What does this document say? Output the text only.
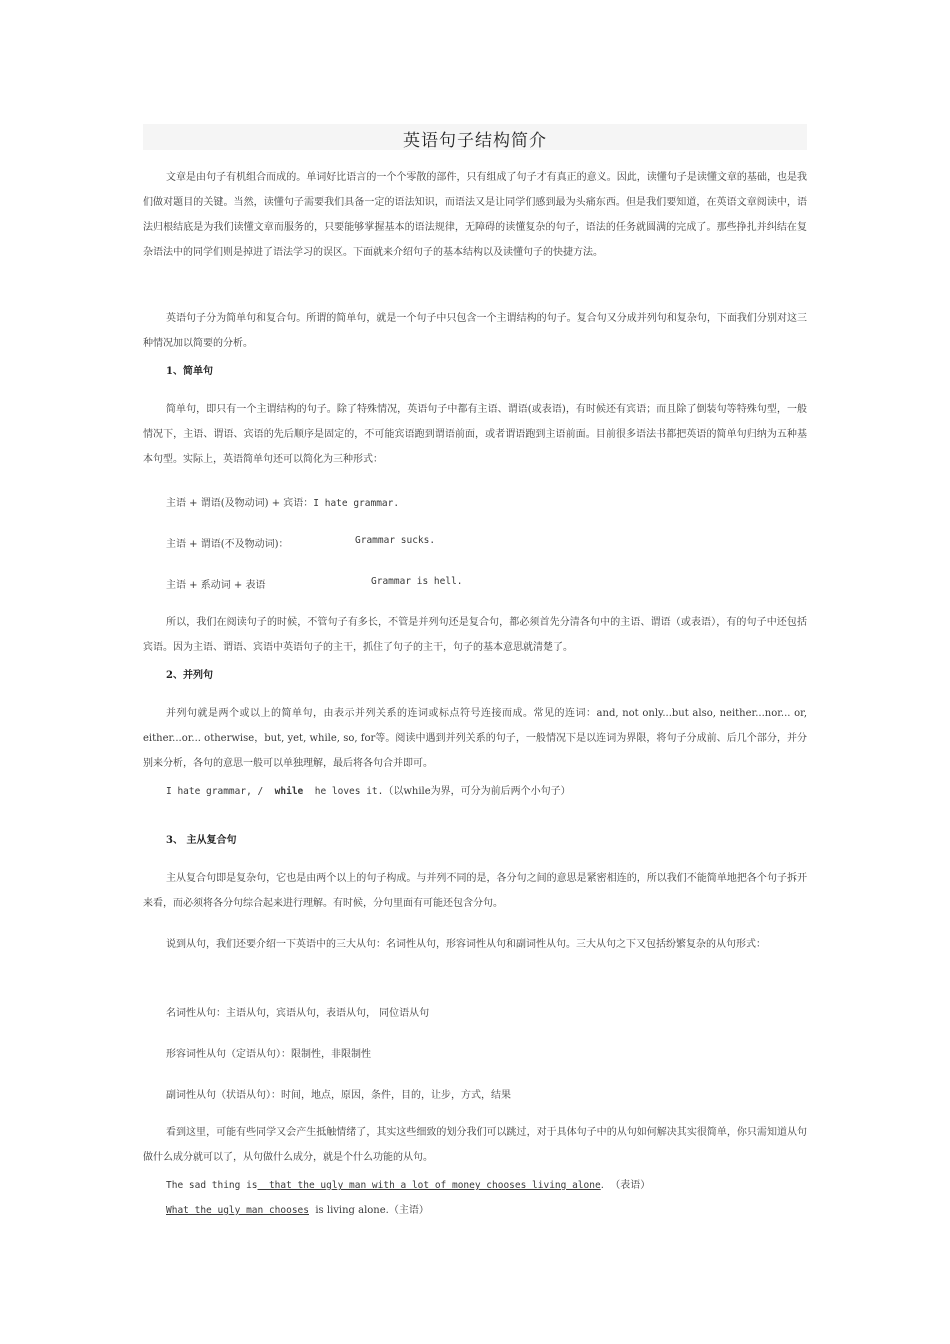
英语句子结构简介
文章是由句子有机组合而成的。单词好比语言的一个个零散的部件，只有组成了句子才有真正的意义。因此，读懂句子是读懂文章的基础，也是我们做对题目的关键。当然，读懂句子需要我们具备一定的语法知识，而语法又是让同学们感到最为头痛东西。但是我们要知道，在英语文章阅读中，语法归根结底是为我们读懂文章而服务的，只要能够掌握基本的语法规律，无障碍的读懂复杂的句子，语法的任务就圆满的完成了。那些挣扎并纠结在复杂语法中的同学们则是掉进了语法学习的误区。下面就来介绍句子的基本结构以及读懂句子的快捷方法。
英语句子分为简单句和复合句。所谓的简单句，就是一个句子中只包含一个主谓结构的句子。复合句又分成并列句和复杂句，下面我们分别对这三种情况加以简要的分析。
1、简单句
简单句，即只有一个主谓结构的句子。除了特殊情况，英语句子中都有主语、谓语(或表语)，有时候还有宾语；而且除了倒装句等特殊句型，一般情况下，主语、谓语、宾语的先后顺序是固定的，不可能宾语跑到谓语前面，或者谓语跑到主语前面。目前很多语法书都把英语的简单句归纳为五种基本句型。实际上，英语简单句还可以简化为三种形式：
主语 + 谓语(及物动词) + 宾语：I hate grammar.
主语 + 谓语(不及物动词)：	Grammar sucks.
主语 + 系动词 + 表语	Grammar is hell.
所以，我们在阅读句子的时候，不管句子有多长，不管是并列句还是复合句，都必须首先分清各句中的主语、谓语（或表语），有的句子中还包括宾语。因为主语、谓语、宾语中英语句子的主干，抓住了句子的主干，句子的基本意思就清楚了。
2、并列句
并列句就是两个或以上的简单句，由表示并列关系的连词或标点符号连接而成。常见的连词：and, not only...but also, neither...nor... or, either...or... otherwise，but, yet, while, so, for等。阅读中遇到并列关系的句子，一般情况下是以连词为界限，将句子分成前、后几个部分，并分别来分析，各句的意思一般可以单独理解，最后将各句合并即可。
I hate grammar, /  while  he loves it.（以while为界，可分为前后两个小句子）
3、 主从复合句
主从复合句即是复杂句，它也是由两个以上的句子构成。与并列不同的是，各分句之间的意思是紧密相连的，所以我们不能简单地把各个句子拆开来看，而必须将各分句综合起来进行理解。有时候，分句里面有可能还包含分句。
说到从句，我们还要介绍一下英语中的三大从句：名词性从句，形容词性从句和副词性从句。三大从句之下又包括纷繁复杂的从句形式：
名词性从句：主语从句，宾语从句，表语从句， 同位语从句
形容词性从句（定语从句）：限制性，非限制性
副词性从句（状语从句）：时间，地点，原因，条件，目的，让步，方式，结果
看到这里，可能有些同学又会产生抵触情绪了，其实这些细致的划分我们可以跳过，对于具体句子中的从句如何解决其实很简单，你只需知道从句做什么成分就可以了，从句做什么成分，就是个什么功能的从句。
The sad thing is  that the ugly man with a lot of money chooses living alone.  （表语）
What the ugly man chooses  is living alone.（主语）
